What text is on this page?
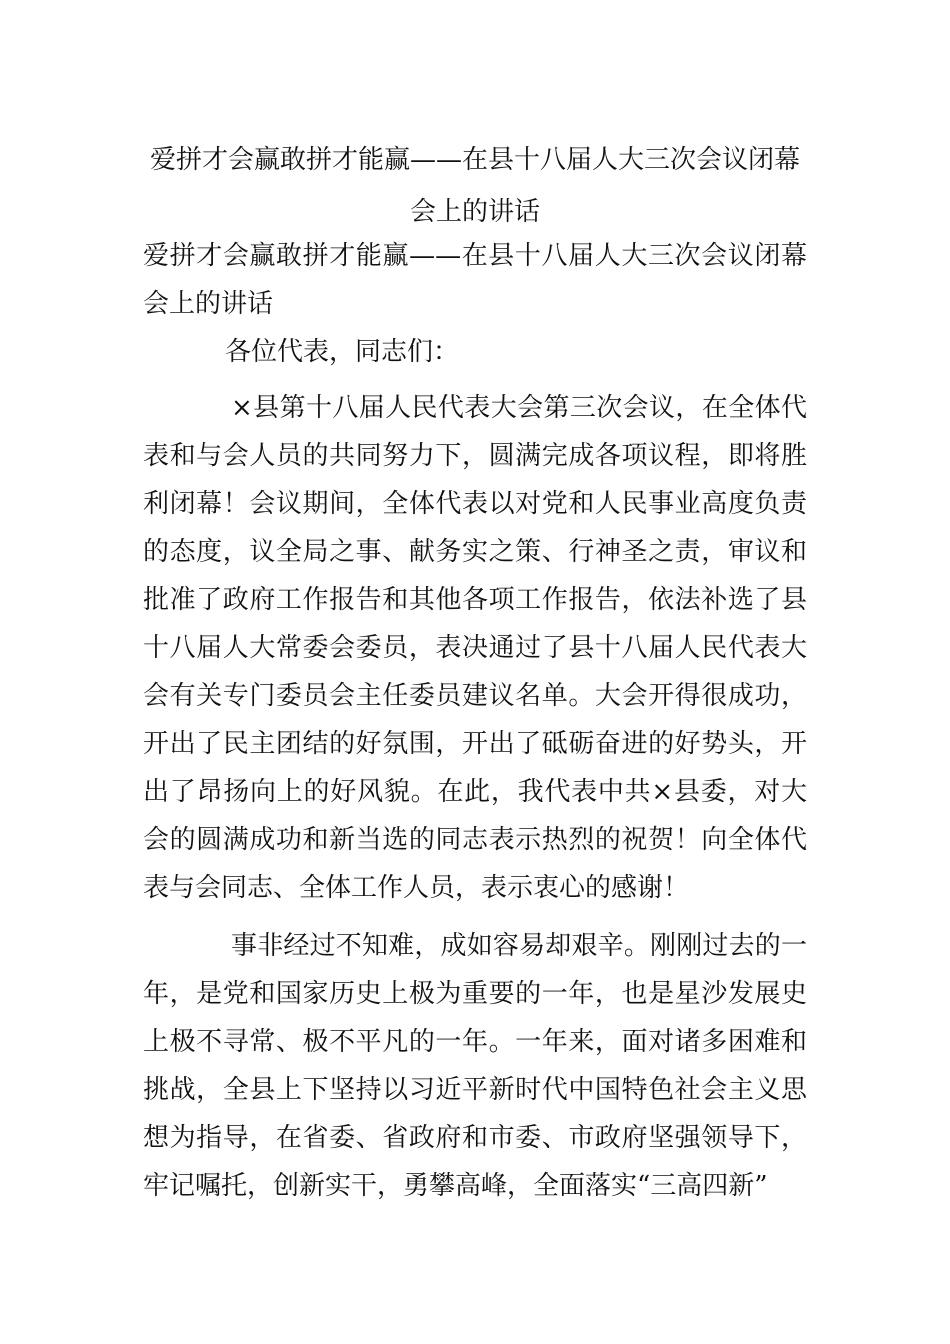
爱拼才会赢敢拼才能赢——在县十八届人大三次会议闭幕会上的讲话

爱拼才会赢敢拼才能赢——在县十八届人大三次会议闭幕会上的讲话

各位代表，同志们：

×县第十八届人民代表大会第三次会议，在全体代表和与会人员的共同努力下，圆满完成各项议程，即将胜利闭幕！会议期间，全体代表以对党和人民事业高度负责的态度，议全局之事、献务实之策、行神圣之责，审议和批准了政府工作报告和其他各项工作报告，依法补选了县十八届人大常委会委员，表决通过了县十八届人民代表大会有关专门委员会主任委员建议名单。大会开得很成功，开出了民主团结的好氛围，开出了砥砺奋进的好势头，开出了昂扬向上的好风貌。在此，我代表中共×县委，对大会的圆满成功和新当选的同志表示热烈的祝贺！向全体代表与会同志、全体工作人员，表示衷心的感谢！

事非经过不知难，成如容易却艰辛。刚刚过去的一年，是党和国家历史上极为重要的一年，也是星沙发展史上极不寻常、极不平凡的一年。一年来，面对诸多困难和挑战，全县上下坚持以习近平新时代中国特色社会主义思想为指导，在省委、省政府和市委、市政府坚强领导下，牢记嘱托，创新实干，勇攀高峰，全面落实“三高四新”
